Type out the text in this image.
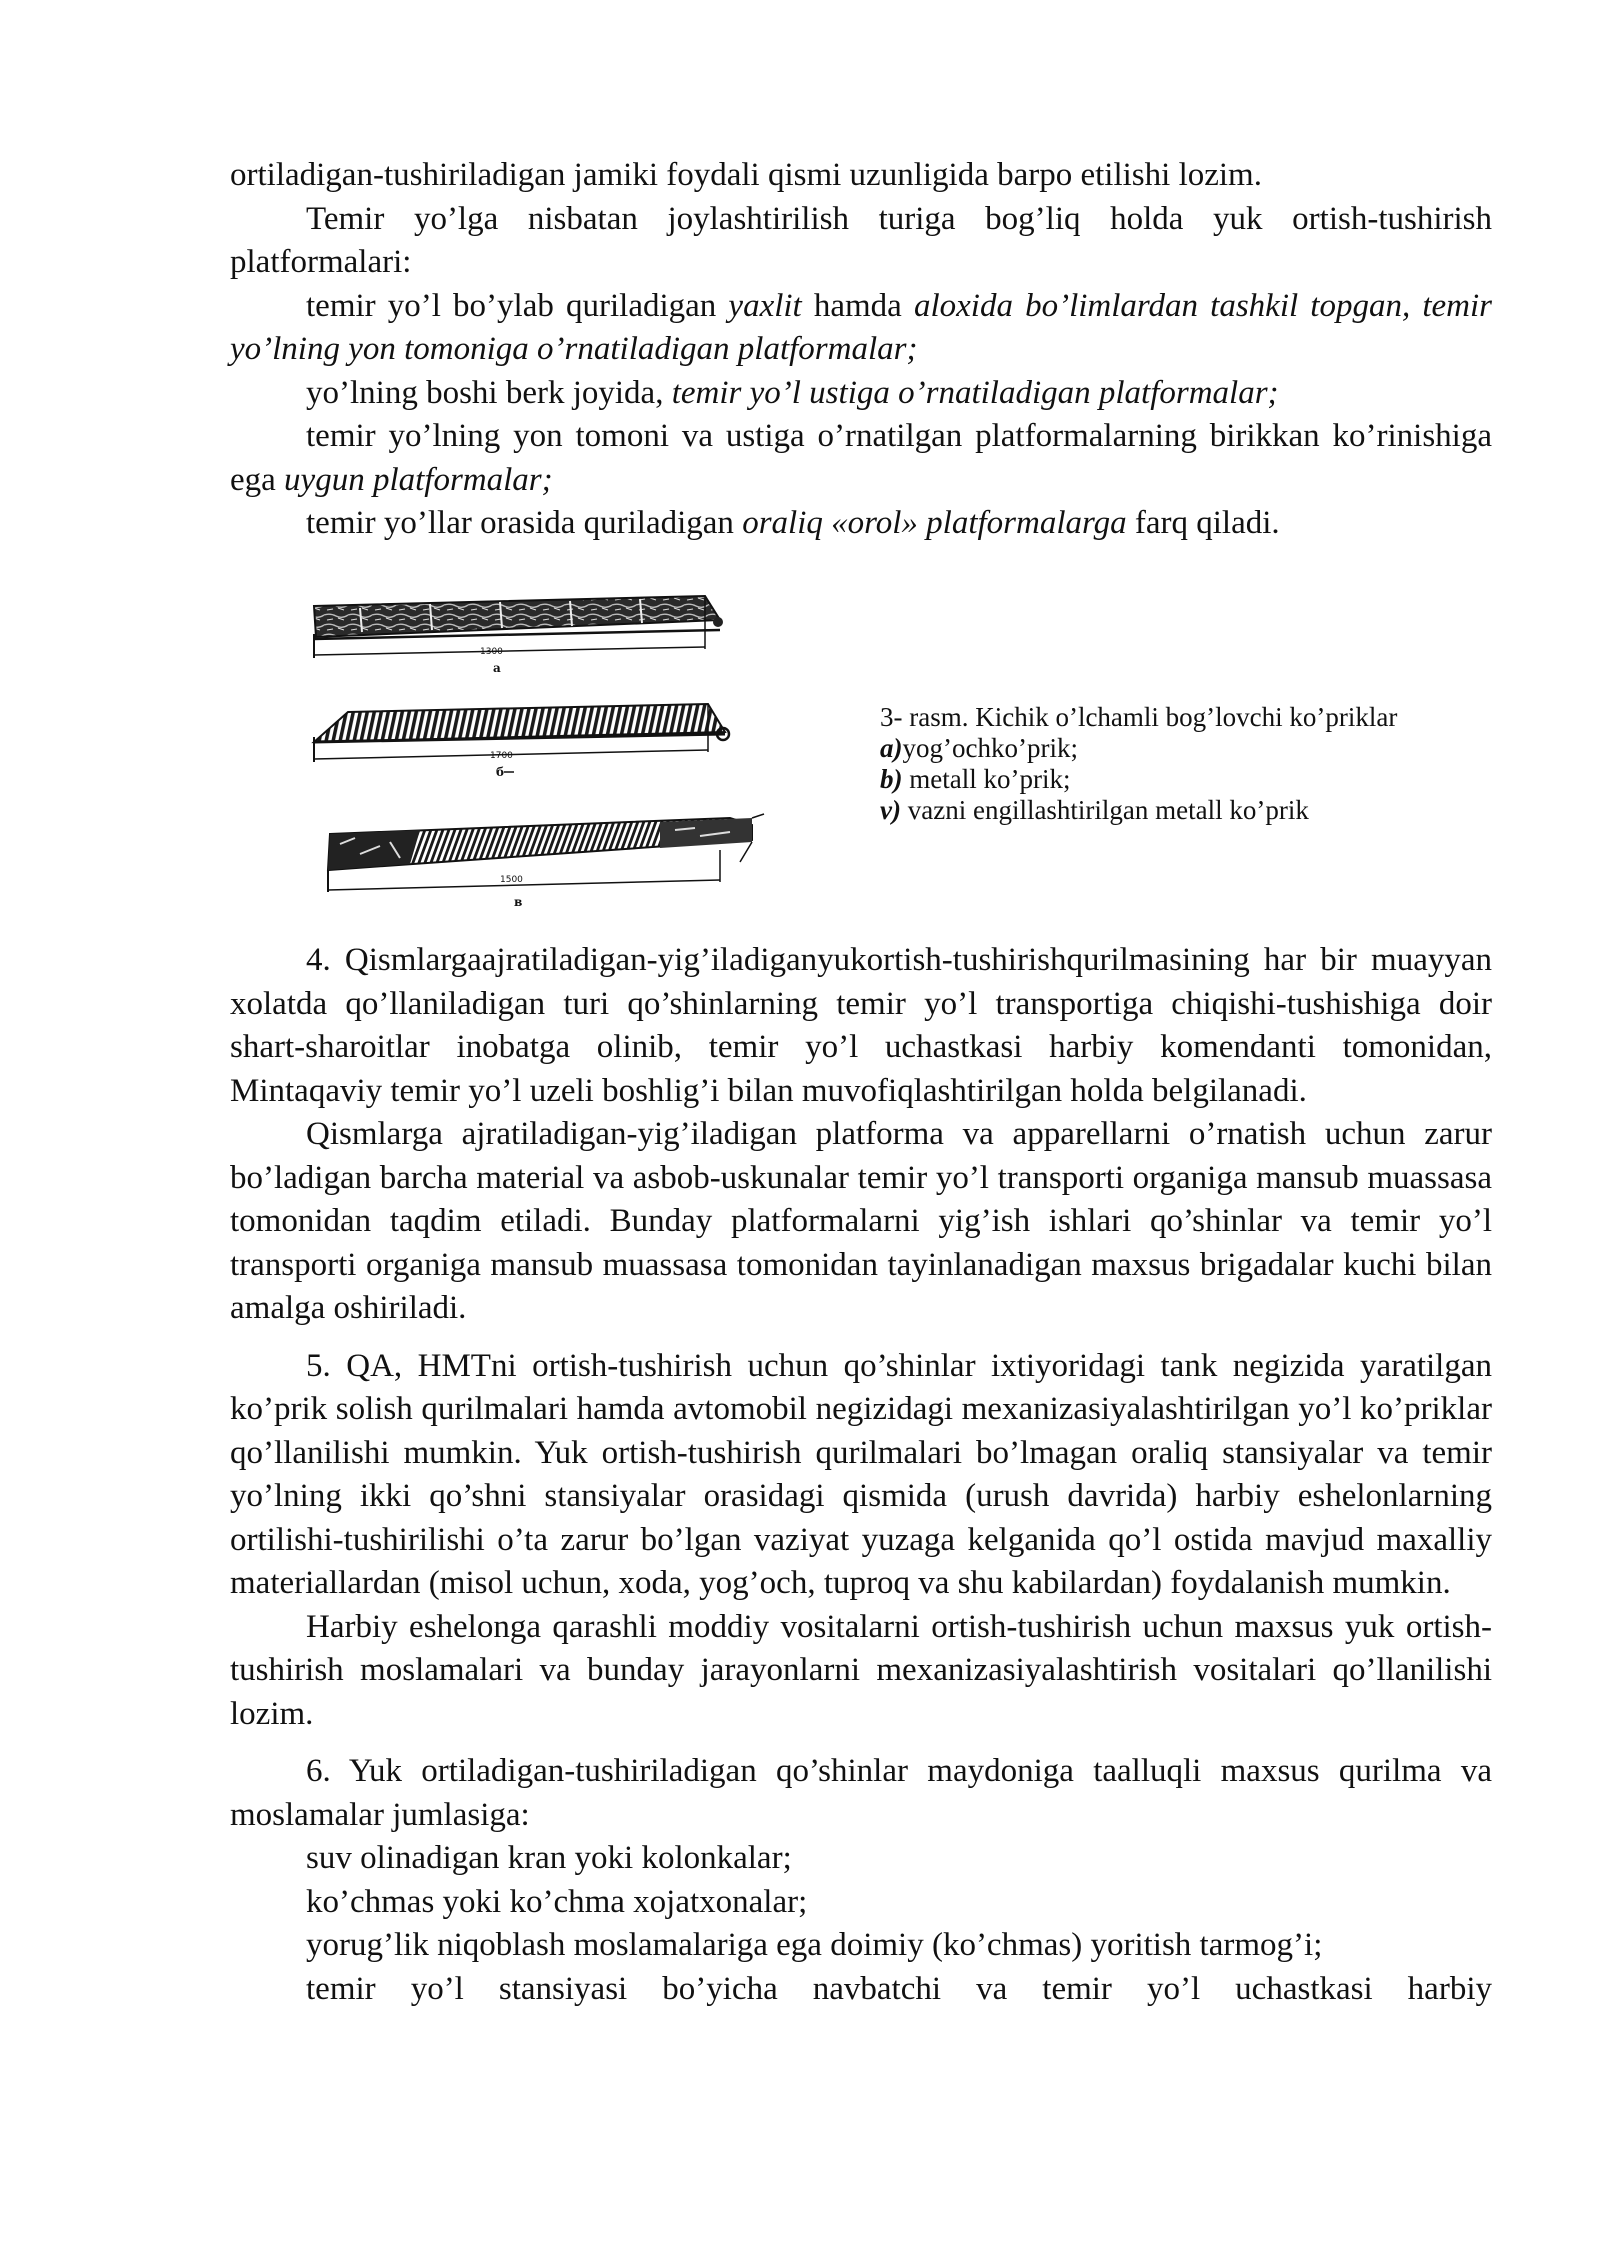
ortiladigan-tushiriladigan jamiki foydali qismi uzunligida barpo etilishi lozim.

Temir yo’lga nisbatan joylashtirilish turiga bog’liq holda yuk ortish-tushirish platformalari:

temir yo’l bo’ylab quriladigan yaxlit hamda aloxida bo’limlardan tashkil topgan, temir yo’lning yon tomoniga o’rnatiladigan platformalar;

yo’lning boshi berk joyida, temir yo’l ustiga o’rnatiladigan platformalar;

temir yo’lning yon tomoni va ustiga o’rnatilgan platformalarning birikkan ko’rinishiga ega uygun platformalar;

temir yo’llar orasida quriladigan oraliq «orol» platformalarga farq qiladi.

1300
а
1700
б
1500
в
3- rasm. Kichik o’lchamli bog’lovchi ko’priklar
a)yog’ochko’prik;
b) metall ko’prik;
v) vazni engillashtirilgan metall ko’prik

4. Qismlargaajratiladigan-yig’iladiganyukortish-tushirishqurilmasining har bir muayyan xolatda qo’llaniladigan turi qo’shinlarning temir yo’l transportiga chiqishi-tushishiga doir shart-sharoitlar inobatga olinib, temir yo’l uchastkasi harbiy komendanti tomonidan, Mintaqaviy temir yo’l uzeli boshlig’i bilan muvofiqlashtirilgan holda belgilanadi.

Qismlarga ajratiladigan-yig’iladigan platforma va apparellarni o’rnatish uchun zarur bo’ladigan barcha material va asbob-uskunalar temir yo’l transporti organiga mansub muassasa tomonidan taqdim etiladi. Bunday platformalarni yig’ish ishlari qo’shinlar va temir yo’l transporti organiga mansub muassasa tomonidan tayinlanadigan maxsus brigadalar kuchi bilan amalga oshiriladi.

5. QA, HMTni ortish-tushirish uchun qo’shinlar ixtiyoridagi tank negizida yaratilgan ko’prik solish qurilmalari hamda avtomobil negizidagi mexanizasiyalashtirilgan yo’l ko’priklar qo’llanilishi mumkin. Yuk ortish-tushirish qurilmalari bo’lmagan oraliq stansiyalar va temir yo’lning ikki qo’shni stansiyalar orasidagi qismida (urush davrida) harbiy eshelonlarning ortilishi-tushirilishi o’ta zarur bo’lgan vaziyat yuzaga kelganida qo’l ostida mavjud maxalliy materiallardan (misol uchun, xoda, yog’och, tuproq va shu kabilardan) foydalanish mumkin.

Harbiy eshelonga qarashli moddiy vositalarni ortish-tushirish uchun maxsus yuk ortish-tushirish moslamalari va bunday jarayonlarni mexanizasiyalashtirish vositalari qo’llanilishi lozim.

6. Yuk ortiladigan-tushiriladigan qo’shinlar maydoniga taalluqli maxsus qurilma va moslamalar jumlasiga:

suv olinadigan kran yoki kolonkalar;

ko’chmas yoki ko’chma xojatxonalar;

yorug’lik niqoblash moslamalariga ega doimiy (ko’chmas) yoritish tarmog’i;

temir yo’l stansiyasi bo’yicha navbatchi va temir yo’l uchastkasi harbiy
